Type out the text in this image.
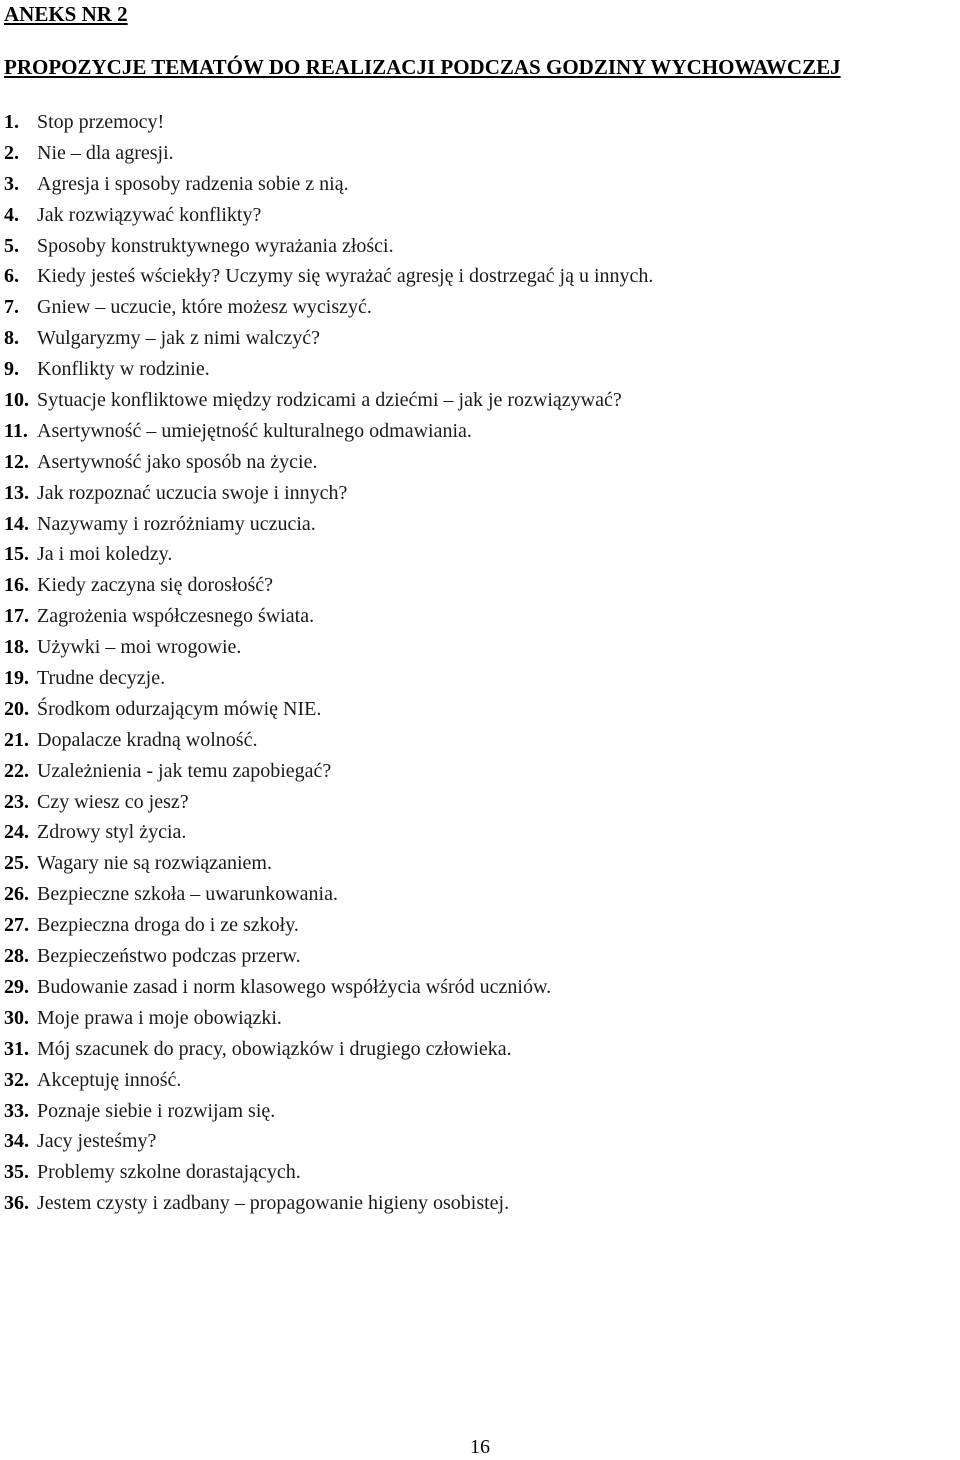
ANEKS NR 2
PROPOZYCJE TEMATÓW DO REALIZACJI PODCZAS GODZINY WYCHOWAWCZEJ
1. Stop przemocy!
2. Nie – dla agresji.
3. Agresja i sposoby radzenia sobie z nią.
4. Jak rozwiązywać konflikty?
5. Sposoby konstruktywnego wyrażania złości.
6. Kiedy jesteś wściekły? Uczymy się wyrażać agresję i dostrzegać ją u innych.
7. Gniew – uczucie, które możesz wyciszyć.
8. Wulgaryzmy – jak z nimi walczyć?
9. Konflikty w rodzinie.
10. Sytuacje konfliktowe między rodzicami a dziećmi – jak je rozwiązywać?
11. Asertywność – umiejętność kulturalnego odmawiania.
12. Asertywność jako sposób na życie.
13. Jak rozpoznać uczucia swoje i innych?
14. Nazywamy i rozróżniamy uczucia.
15. Ja i moi koledzy.
16. Kiedy zaczyna się dorosłość?
17. Zagrożenia współczesnego świata.
18. Używki – moi wrogowie.
19. Trudne decyzje.
20. Środkom odurzającym mówię NIE.
21. Dopalacze kradną wolność.
22. Uzależnienia - jak temu zapobiegać?
23. Czy wiesz co jesz?
24. Zdrowy styl życia.
25. Wagary nie są rozwiązaniem.
26. Bezpieczne szkoła – uwarunkowania.
27. Bezpieczna droga do i ze szkoły.
28. Bezpieczeństwo podczas przerw.
29. Budowanie zasad i norm klasowego współżycia wśród uczniów.
30. Moje prawa i moje obowiązki.
31. Mój szacunek do pracy, obowiązków i drugiego człowieka.
32. Akceptuję inność.
33. Poznaje siebie i rozwijam się.
34. Jacy jesteśmy?
35. Problemy szkolne dorastających.
36. Jestem czysty i zadbany – propagowanie higieny osobistej.
16
